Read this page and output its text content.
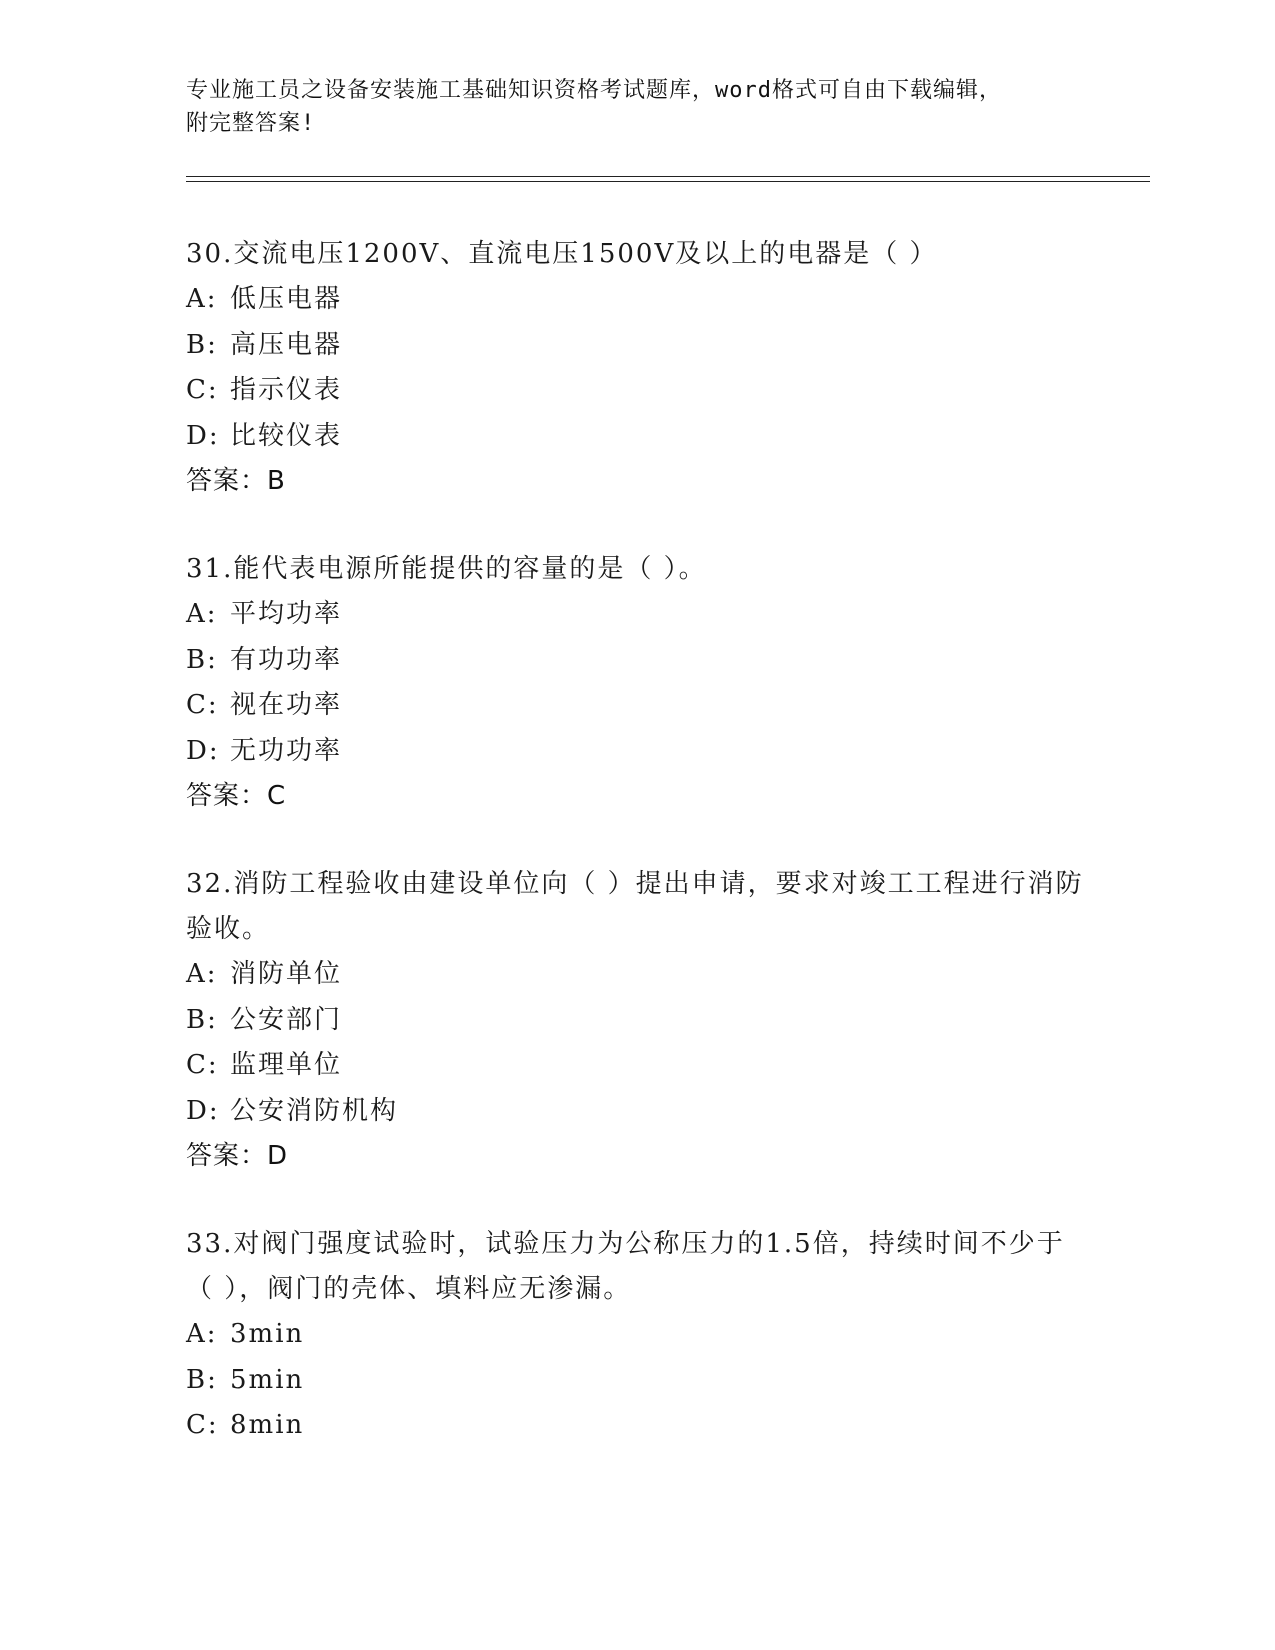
专业施工员之设备安装施工基础知识资格考试题库，word格式可自由下载编辑，
附完整答案!

30.交流电压1200V、直流电压1500V及以上的电器是（ ）

A: 低压电器
B: 高压电器
C: 指示仪表
D: 比较仪表
答案：B

31.能代表电源所能提供的容量的是（ ）。

A: 平均功率
B: 有功功率
C: 视在功率
D: 无功功率
答案：C

32.消防工程验收由建设单位向（ ）提出申请，要求对竣工工程进行消防验收。

A: 消防单位
B: 公安部门
C: 监理单位
D: 公安消防机构
答案：D

33.对阀门强度试验时，试验压力为公称压力的1.5倍，持续时间不少于（ ），阀门的壳体、填料应无渗漏。

A: 3min
B: 5min
C: 8min
